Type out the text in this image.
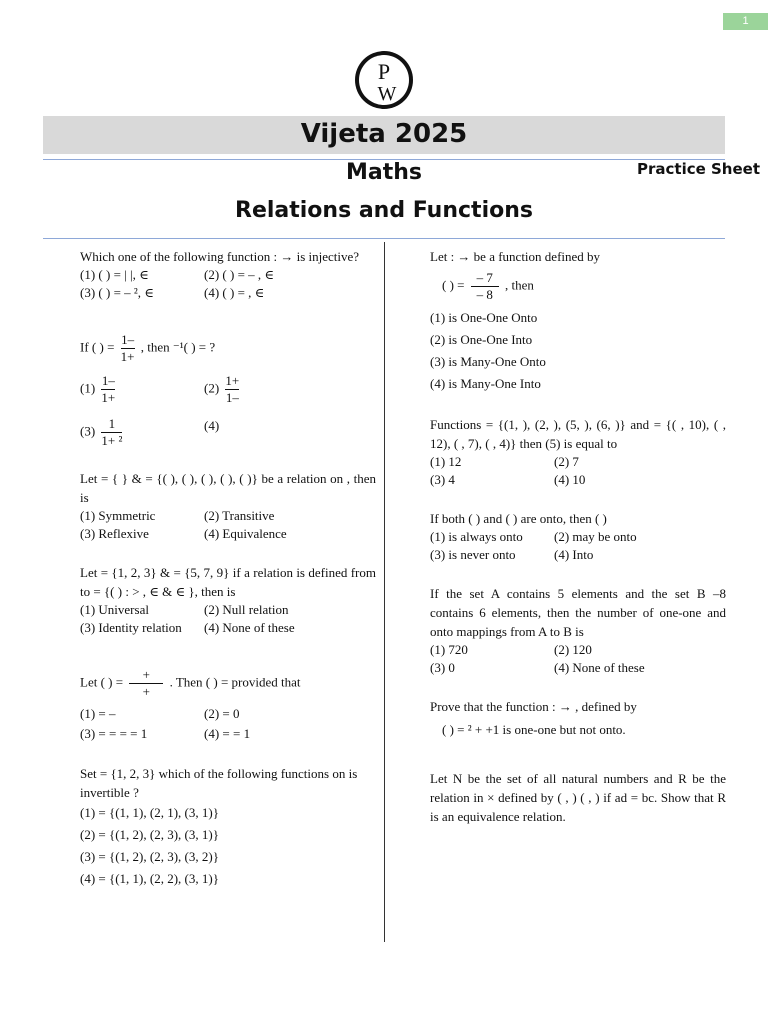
1
P
W
Vijeta 2025
Maths	Practice Sheet
Relations and Functions
Which one of the following function : → is injective?
(1) ( ) = | |, ∈	(2) ( ) = – , ∈
(3) ( ) = – ², ∈	(4) ( ) = , ∈
If ( ) = $\frac{1-}{1+}$ , then ⁻¹( ) = ?
$(1) \frac{1-}{1+}$	$(2) \frac{1+}{1-}$
$(3) \frac{1}{\text{1+ ²}}$	(4)
Let = { } & = {( ), ( ), ( ), ( ), ( )} be a relation on , then is
(1) Symmetric	(2) Transitive
(3) Reflexive	(4) Equivalence
Let = {1, 2, 3} & = {5, 7, 9} if a relation is defined from to = {( ) : > , ∈ & ∈ }, then is
(1) Universal	(2) Null relation
(3) Identity relation	(4) None of these
Let ( ) = $\frac{+}{+}$ . Then ( ) = provided that
(1) = –	(2) = 0
(3) = = = = 1	(4) = = 1
Set = {1, 2, 3} which of the following functions on is invertible ?
(1) = {(1, 1), (2, 1), (3, 1)}
(2) = {(1, 2), (2, 3), (3, 1)}
(3) = {(1, 2), (2, 3), (3, 2)}
(4) = {(1, 1), (2, 2), (3, 1)}
Let : → be a function defined by
( ) = $\frac{- 7}{- 8}$ , then
(1) is One-One Onto
(2) is One-One Into
(3) is Many-One Onto
(4) is Many-One Into
Functions = {(1, ), (2, ), (5, ), (6, )} and = {( , 10), ( , 12), ( , 7), ( , 4)} then (5) is equal to
(1) 12	(2) 7
(3) 4	(4) 10
If both ( ) and ( ) are onto, then ( )
(1) is always onto	(2) may be onto
(3) is never onto	(4) Into
If the set A contains 5 elements and the set B –8 contains 6 elements, then the number of one-one and onto mappings from A to B is
(1) 720	(2) 120
(3) 0	(4) None of these
Prove that the function : → , defined by
( ) = ² + +1 is one-one but not onto.
Let N be the set of all natural numbers and R be the relation in × defined by ( , ) ( , ) if ad = bc. Show that R is an equivalence relation.
